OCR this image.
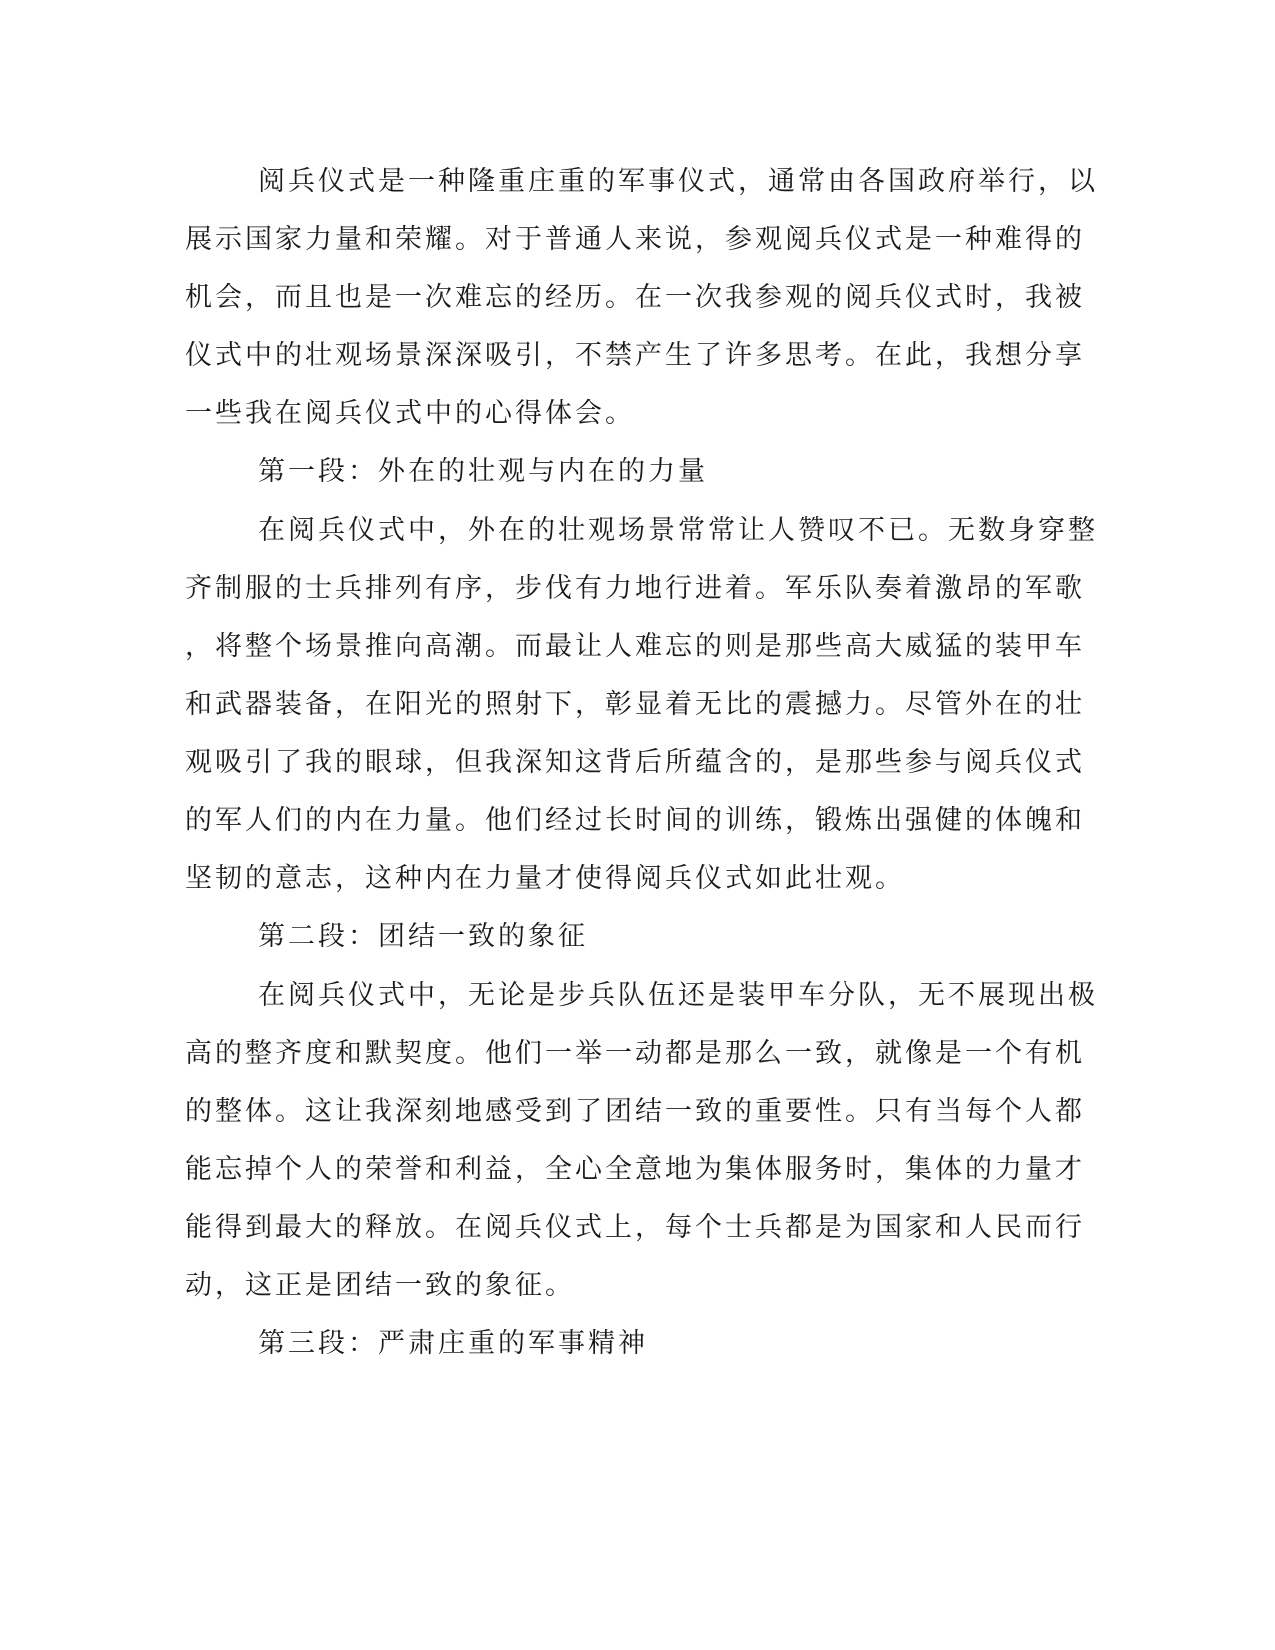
阅兵仪式是一种隆重庄重的军事仪式，通常由各国政府举行，以
展示国家力量和荣耀。对于普通人来说，参观阅兵仪式是一种难得的
机会，而且也是一次难忘的经历。在一次我参观的阅兵仪式时，我被
仪式中的壮观场景深深吸引，不禁产生了许多思考。在此，我想分享
一些我在阅兵仪式中的心得体会。
第一段：外在的壮观与内在的力量
在阅兵仪式中，外在的壮观场景常常让人赞叹不已。无数身穿整
齐制服的士兵排列有序，步伐有力地行进着。军乐队奏着激昂的军歌
，将整个场景推向高潮。而最让人难忘的则是那些高大威猛的装甲车
和武器装备，在阳光的照射下，彰显着无比的震撼力。尽管外在的壮
观吸引了我的眼球，但我深知这背后所蕴含的，是那些参与阅兵仪式
的军人们的内在力量。他们经过长时间的训练，锻炼出强健的体魄和
坚韧的意志，这种内在力量才使得阅兵仪式如此壮观。
第二段：团结一致的象征
在阅兵仪式中，无论是步兵队伍还是装甲车分队，无不展现出极
高的整齐度和默契度。他们一举一动都是那么一致，就像是一个有机
的整体。这让我深刻地感受到了团结一致的重要性。只有当每个人都
能忘掉个人的荣誉和利益，全心全意地为集体服务时，集体的力量才
能得到最大的释放。在阅兵仪式上，每个士兵都是为国家和人民而行
动，这正是团结一致的象征。
第三段：严肃庄重的军事精神
